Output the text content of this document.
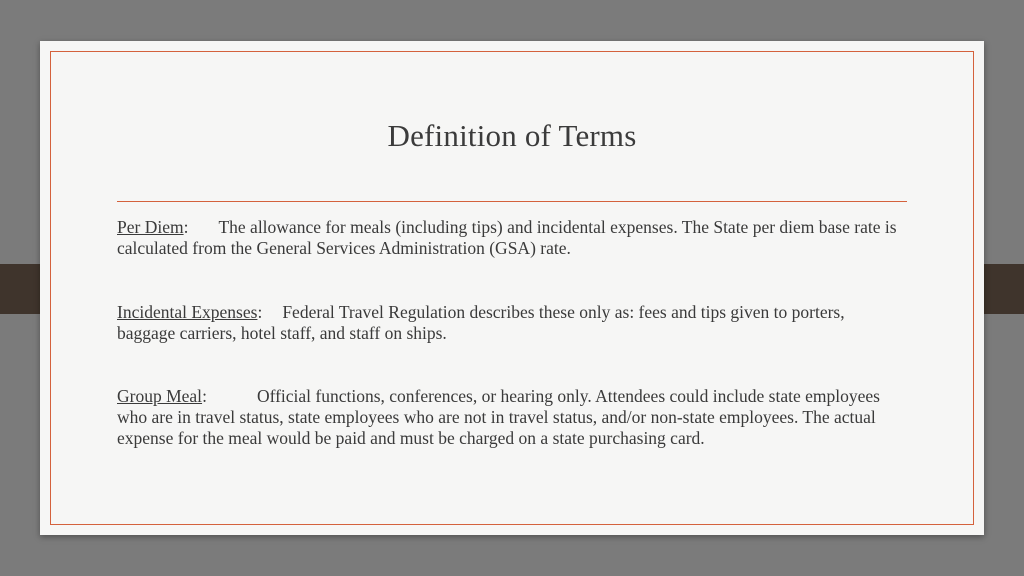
Definition of Terms
Per Diem: The allowance for meals (including tips) and incidental expenses. The State per diem base rate is calculated from the General Services Administration (GSA) rate.
Incidental Expenses: Federal Travel Regulation describes these only as: fees and tips given to porters, baggage carriers, hotel staff, and staff on ships.
Group Meal:	Official functions, conferences, or hearing only. Attendees could include state employees who are in travel status, state employees who are not in travel status, and/or non-state employees. The actual expense for the meal would be paid and must be charged on a state purchasing card.
